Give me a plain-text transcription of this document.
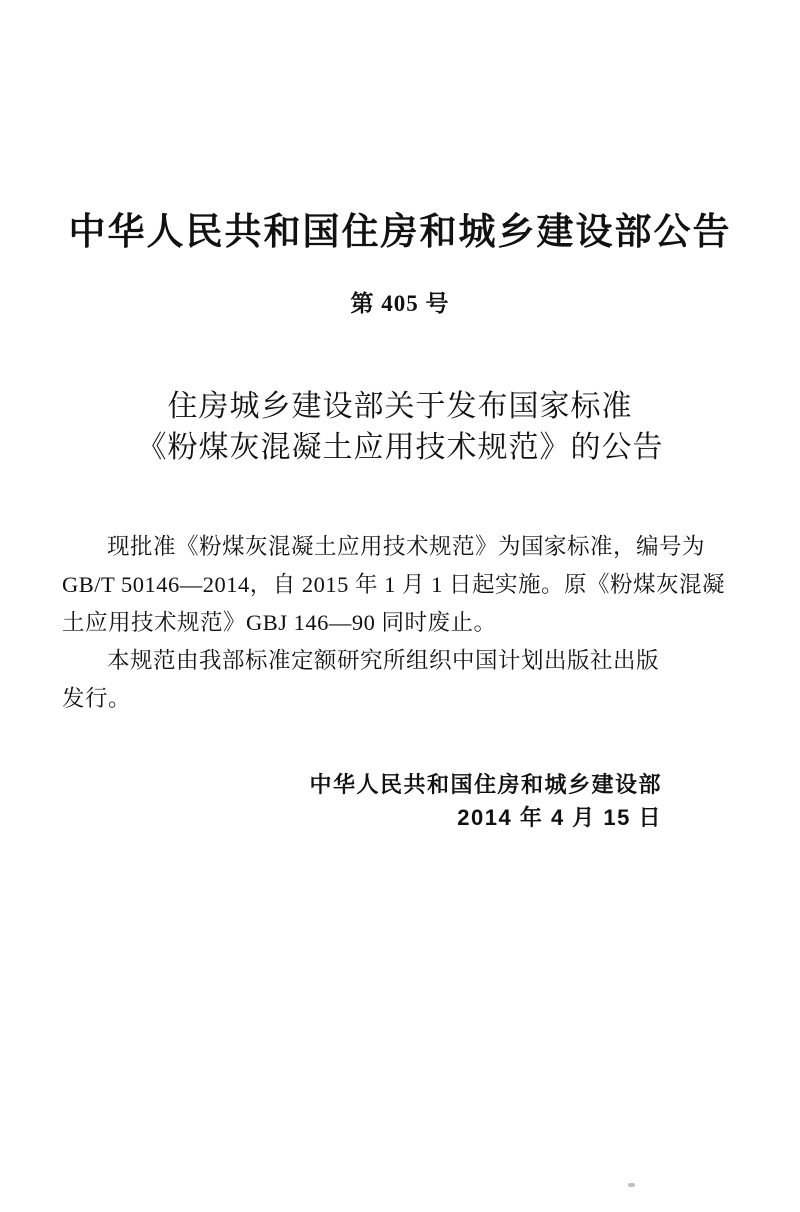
中华人民共和国住房和城乡建设部公告
第 405 号
住房城乡建设部关于发布国家标准
《粉煤灰混凝土应用技术规范》的公告
现批准《粉煤灰混凝土应用技术规范》为国家标准，编号为
GB/T 50146—2014，自 2015 年 1 月 1 日起实施。原《粉煤灰混凝
土应用技术规范》GBJ 146—90 同时废止。
本规范由我部标准定额研究所组织中国计划出版社出版
发行。
中华人民共和国住房和城乡建设部
2014 年 4 月 15 日
